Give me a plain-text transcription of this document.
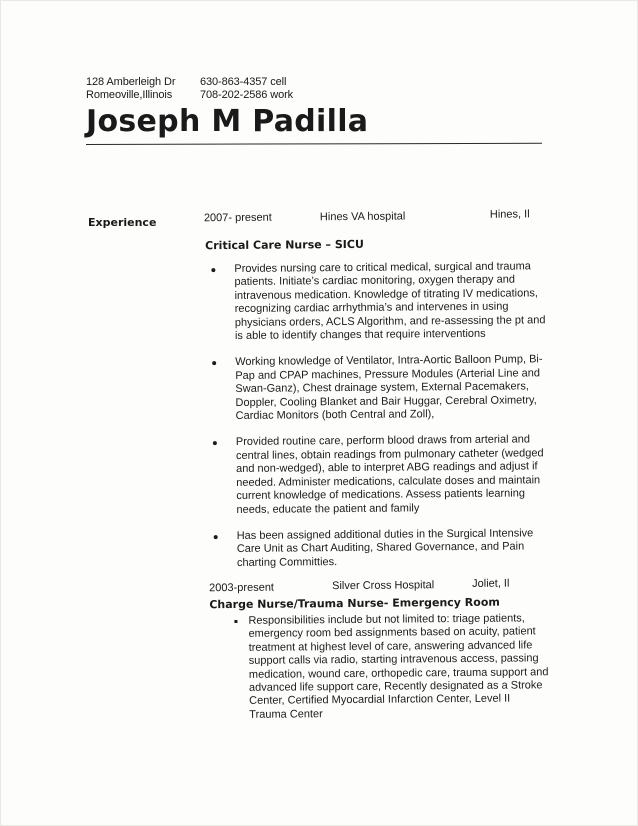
128 Amberleigh Dr
Romeoville,Illinois
630-863-4357 cell
708-202-2586 work
Joseph M Padilla
Experience	2007- present	Hines VA hospital	Hines, Il
Critical Care Nurse – SICU
Provides nursing care to critical medical, surgical and trauma
patients. Initiate’s cardiac monitoring, oxygen therapy and
intravenous medication. Knowledge of titrating IV medications,
recognizing cardiac arrhythmia’s and intervenes in using
physicians orders, ACLS Algorithm, and re-assessing the pt and
is able to identify changes that require interventions
Working knowledge of Ventilator, Intra-Aortic Balloon Pump, Bi-
Pap and CPAP machines, Pressure Modules (Arterial Line and
Swan-Ganz), Chest drainage system, External Pacemakers,
Doppler, Cooling Blanket and Bair Huggar, Cerebral Oximetry,
Cardiac Monitors (both Central and Zoll),
Provided routine care, perform blood draws from arterial and
central lines, obtain readings from pulmonary catheter (wedged
and non-wedged), able to interpret ABG readings and adjust if
needed. Administer medications, calculate doses and maintain
current knowledge of medications. Assess patients learning
needs, educate the patient and family
Has been assigned additional duties in the Surgical Intensive
Care Unit as Chart Auditing, Shared Governance, and Pain
charting Committies.
2003-present	Silver Cross Hospital	Joliet, Il
Charge Nurse/Trauma Nurse- Emergency Room
Responsibilities include but not limited to: triage patients,
emergency room bed assignments based on acuity, patient
treatment at highest level of care, answering advanced life
support calls via radio, starting intravenous access, passing
medication, wound care, orthopedic care, trauma support and
advanced life support care, Recently designated as a Stroke
Center, Certified Myocardial Infarction Center, Level II
Trauma Center
